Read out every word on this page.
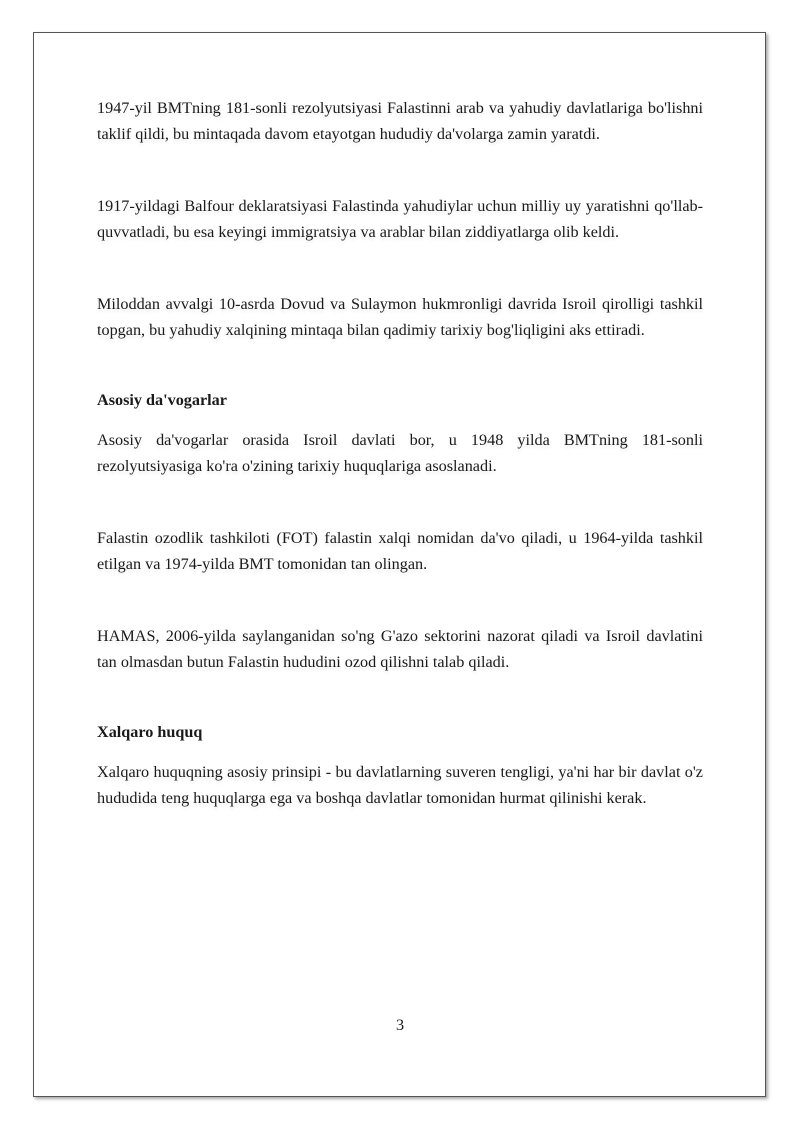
1947-yil BMTning 181-sonli rezolyutsiyasi Falastinni arab va yahudiy davlatlariga bo'lishni taklif qildi, bu mintaqada davom etayotgan hududiy da'volarga zamin yaratdi.

1917-yildagi Balfour deklaratsiyasi Falastinda yahudiylar uchun milliy uy yaratishni qo'llab-quvvatladi, bu esa keyingi immigratsiya va arablar bilan ziddiyatlarga olib keldi.

Miloddan avvalgi 10-asrda Dovud va Sulaymon hukmronligi davrida Isroil qirolligi tashkil topgan, bu yahudiy xalqining mintaqa bilan qadimiy tarixiy bog'liqligini aks ettiradi.

Asosiy da'vogarlar

Asosiy da'vogarlar orasida Isroil davlati bor, u 1948 yilda BMTning 181-sonli rezolyutsiyasiga ko'ra o'zining tarixiy huquqlariga asoslanadi.

Falastin ozodlik tashkiloti (FOT) falastin xalqi nomidan da'vo qiladi, u 1964-yilda tashkil etilgan va 1974-yilda BMT tomonidan tan olingan.

HAMAS, 2006-yilda saylanganidan so'ng G'azo sektorini nazorat qiladi va Isroil davlatini tan olmasdan butun Falastin hududini ozod qilishni talab qiladi.

Xalqaro huquq

Xalqaro huquqning asosiy prinsipi - bu davlatlarning suveren tengligi, ya'ni har bir davlat o'z hududida teng huquqlarga ega va boshqa davlatlar tomonidan hurmat qilinishi kerak.

3
